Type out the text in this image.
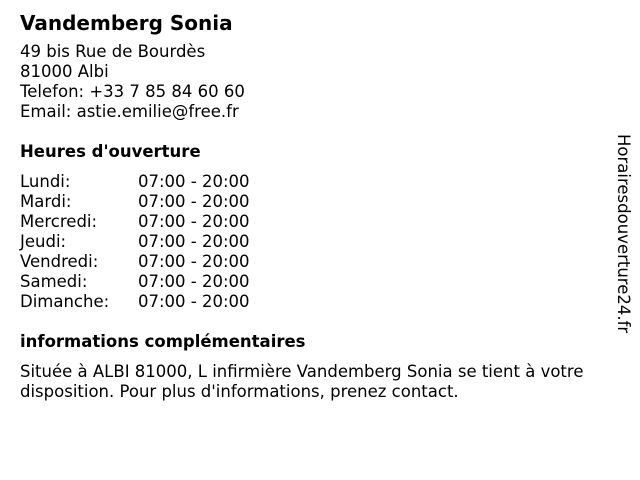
Vandemberg Sonia
49 bis Rue de Bourdès
81000 Albi
Telefon: +33 7 85 84 60 60
Email: astie.emilie@free.fr
Heures d'ouverture
Lundi:	07:00 - 20:00
Mardi:	07:00 - 20:00
Mercredi:	07:00 - 20:00
Jeudi:	07:00 - 20:00
Vendredi:	07:00 - 20:00
Samedi:	07:00 - 20:00
Dimanche:	07:00 - 20:00
informations complémentaires
Située à ALBI 81000, L infirmière Vandemberg Sonia se tient à votre disposition. Pour plus d'informations, prenez contact.
Horairesdouverture24.fr
